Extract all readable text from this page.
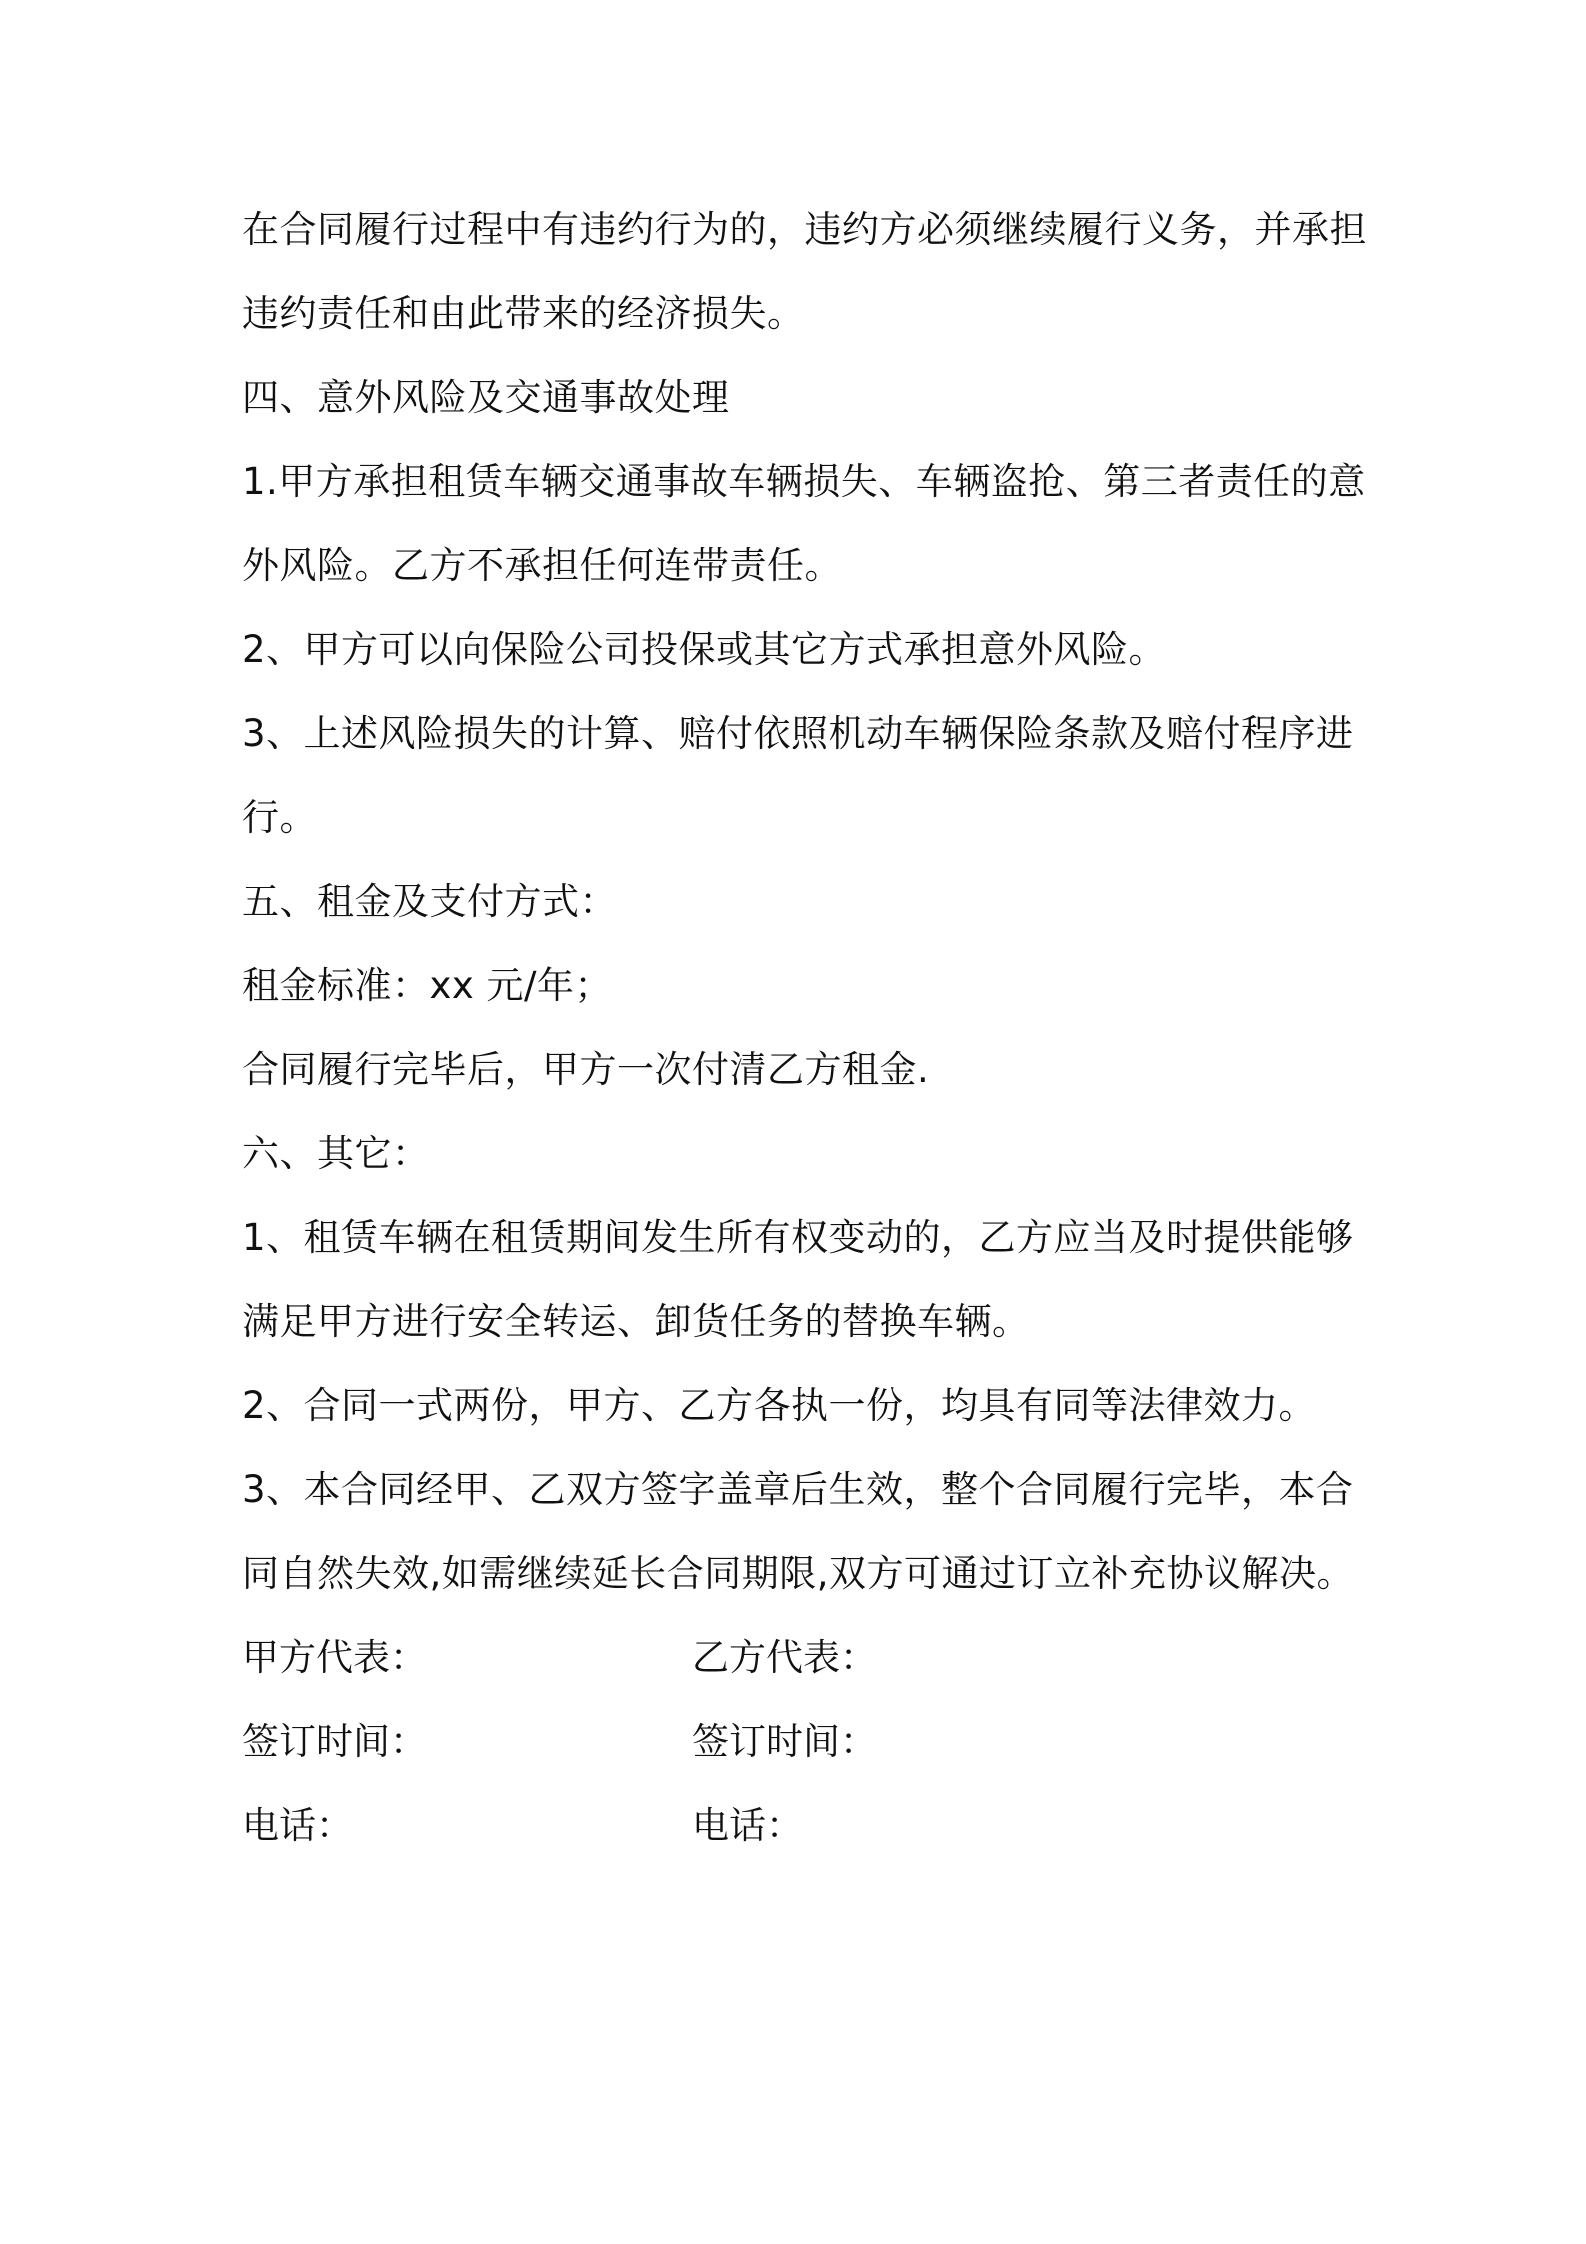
在合同履行过程中有违约行为的，违约方必须继续履行义务，并承担
违约责任和由此带来的经济损失。
四、意外风险及交通事故处理
1.甲方承担租赁车辆交通事故车辆损失、车辆盗抢、第三者责任的意
外风险。乙方不承担任何连带责任。
2、甲方可以向保险公司投保或其它方式承担意外风险。
3、上述风险损失的计算、赔付依照机动车辆保险条款及赔付程序进
行。
五、租金及支付方式：
租金标准：xx 元/年；
合同履行完毕后，甲方一次付清乙方租金.
六、其它：
1、租赁车辆在租赁期间发生所有权变动的，乙方应当及时提供能够
满足甲方进行安全转运、卸货任务的替换车辆。
2、合同一式两份，甲方、乙方各执一份，均具有同等法律效力。
3、本合同经甲、乙双方签字盖章后生效，整个合同履行完毕，本合
同自然失效,如需继续延长合同期限,双方可通过订立补充协议解决。
甲方代表：	乙方代表：
签订时间：	签订时间：
电话：	电话：
